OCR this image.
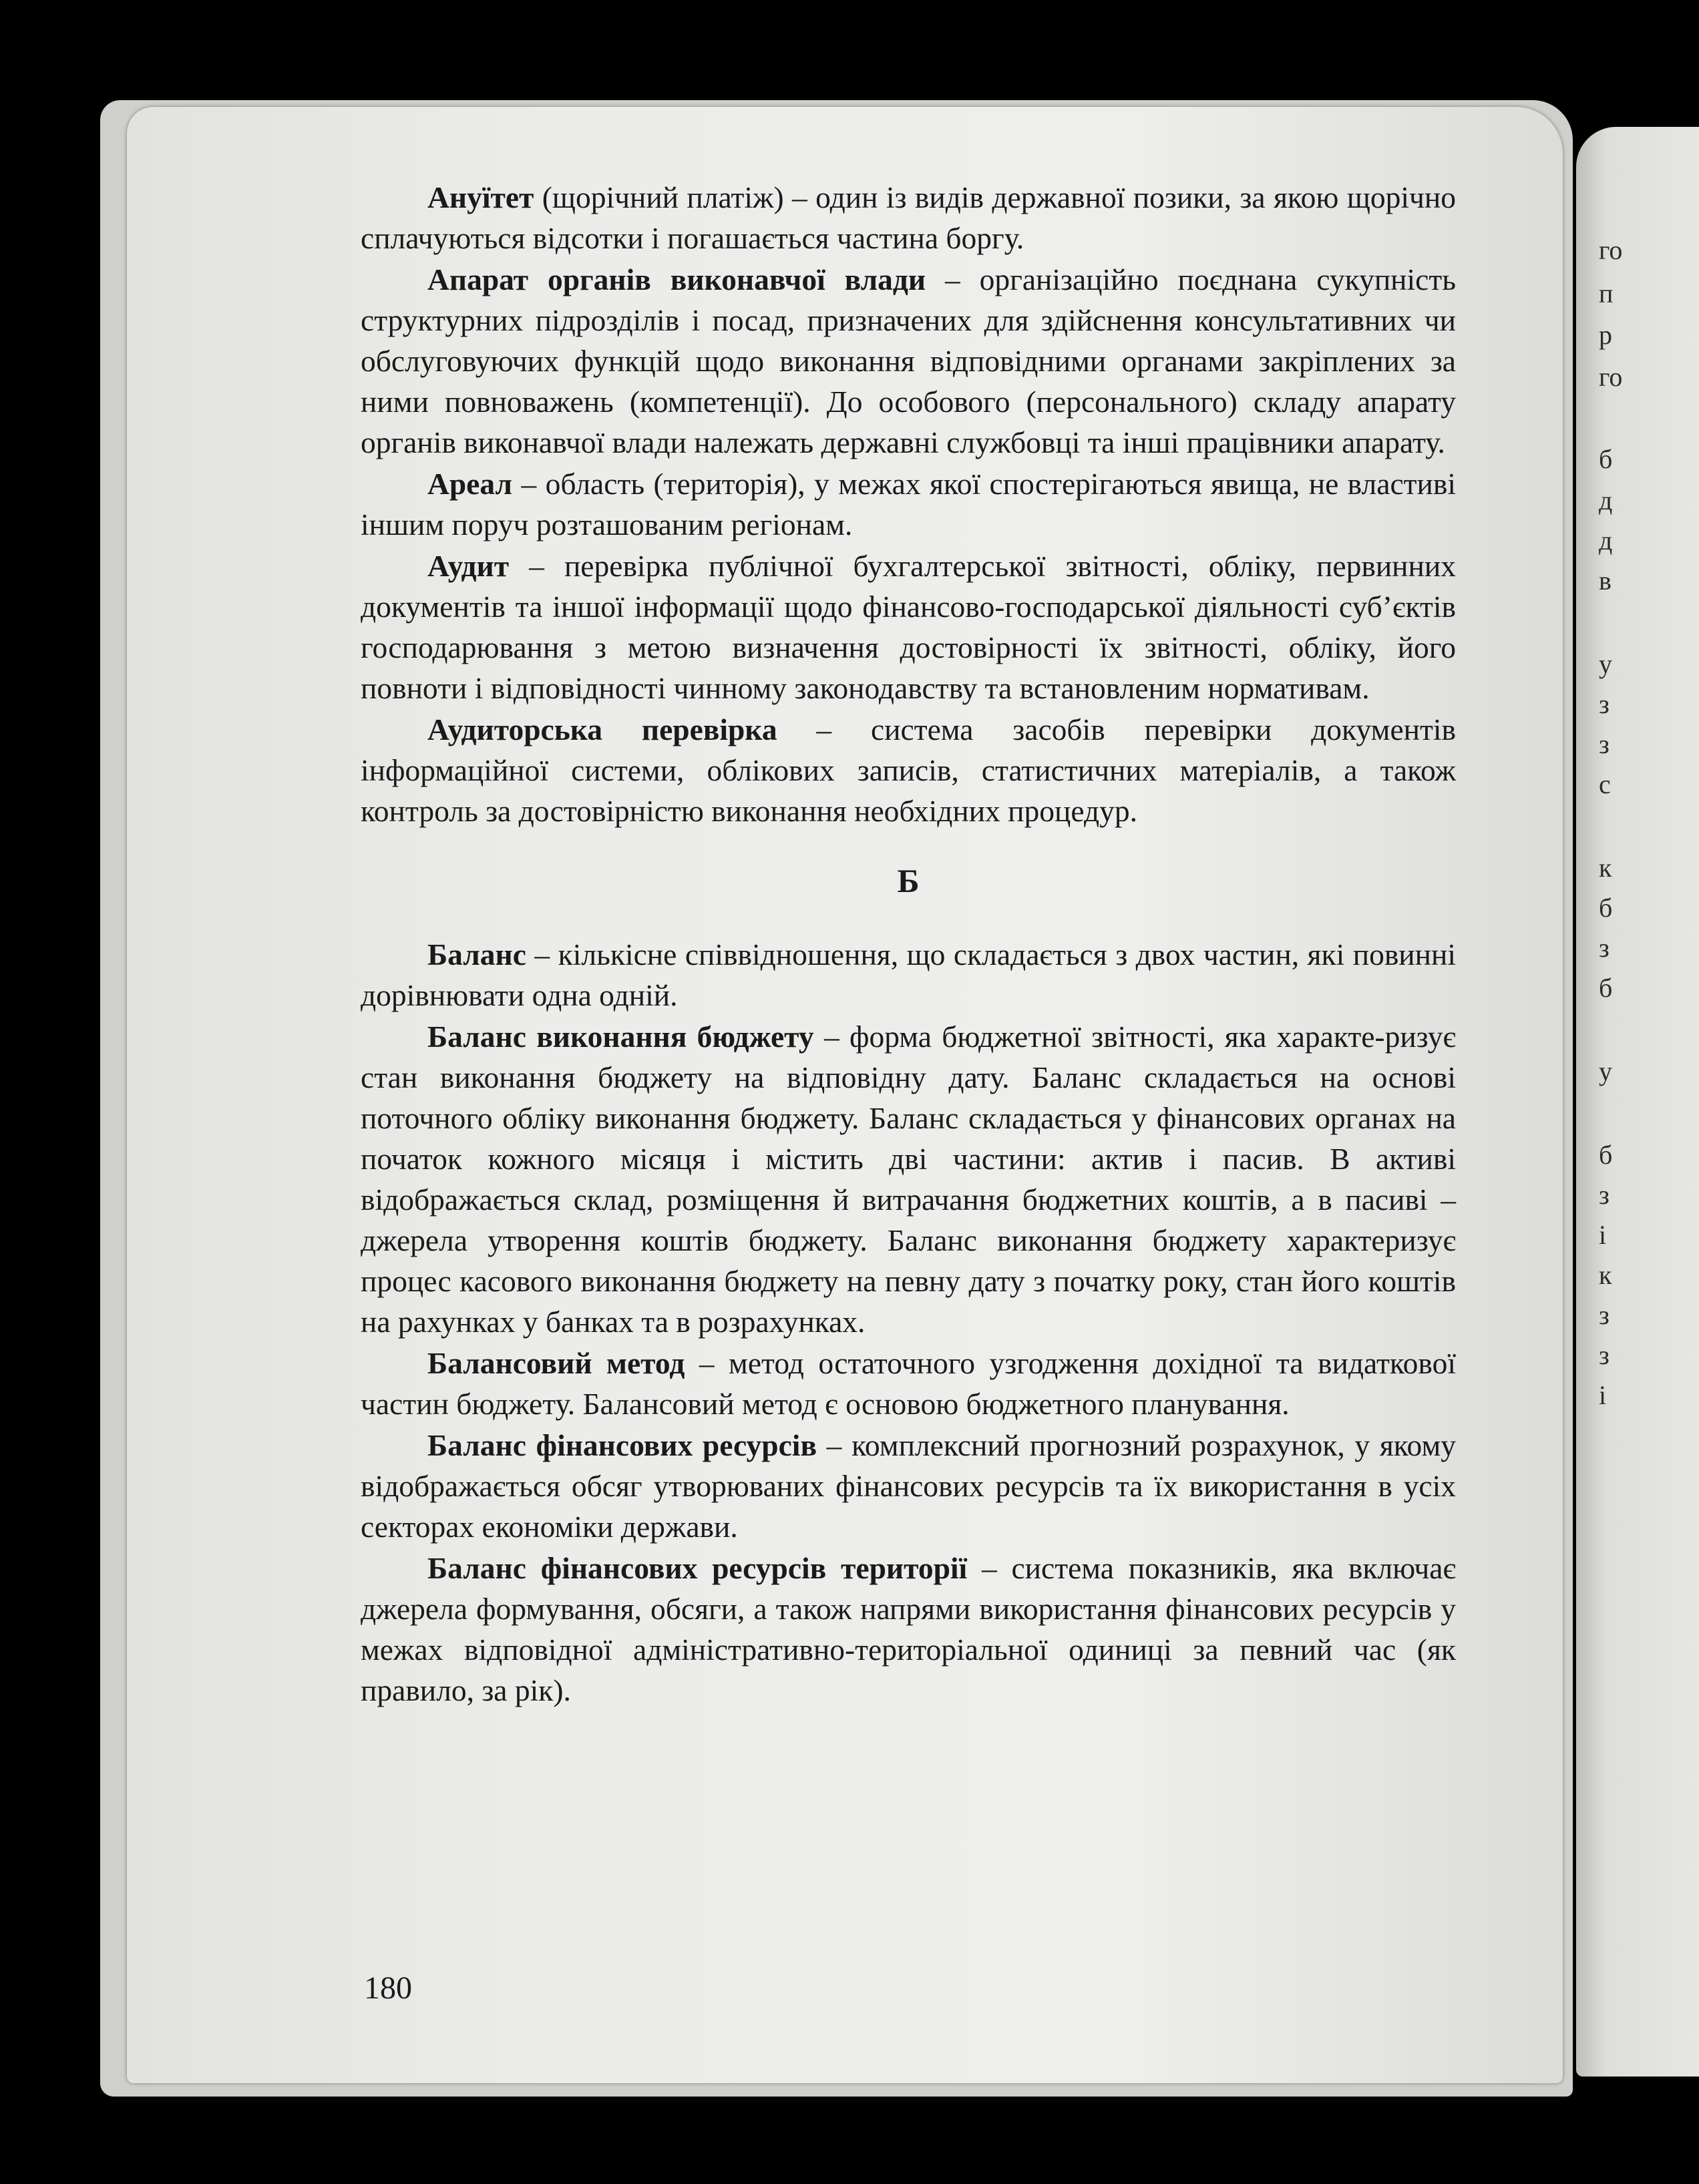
го
п
р
го
б
д
д
в
у
з
з
с
к
б
з
б
у
б
з
і
к
з
з
і

Ануїтет (щорічний платіж) – один із видів державної позики, за якою щорічно сплачуються відсотки і погашається частина боргу.

Апарат органів виконавчої влади – організаційно поєднана сукупність структурних підрозділів і посад, призначених для здійснення консультативних чи обслуговуючих функцій щодо виконання відповідними органами закріплених за ними повноважень (компетенції). До особового (персонального) складу апарату органів виконавчої влади належать державні службовці та інші працівники апарату.

Ареал – область (територія), у межах якої спостерігаються явища, не властиві іншим поруч розташованим регіонам.

Аудит – перевірка публічної бухгалтерської звітності, обліку, первинних документів та іншої інформації щодо фінансово-господарської діяльності суб’єктів господарювання з метою визначення достовірності їх звітності, обліку, його повноти і відповідності чинному законодавству та встановленим нормативам.

Аудиторська перевірка – система засобів перевірки документів інформаційної системи, облікових записів, статистичних матеріалів, а також контроль за достовірністю виконання необхідних процедур.

Б

Баланс – кількісне співвідношення, що складається з двох частин, які повинні дорівнювати одна одній.

Баланс виконання бюджету – форма бюджетної звітності, яка характе-ризує стан виконання бюджету на відповідну дату. Баланс складається на основі поточного обліку виконання бюджету. Баланс складається у фінансових органах на початок кожного місяця і містить дві частини: актив і пасив. В активі відображається склад, розміщення й витрачання бюджетних коштів, а в пасиві – джерела утворення коштів бюджету. Баланс виконання бюджету характеризує процес касового виконання бюджету на певну дату з початку року, стан його коштів на рахунках у банках та в розрахунках.

Балансовий метод – метод остаточного узгодження дохідної та видаткової частин бюджету. Балансовий метод є основою бюджетного планування.

Баланс фінансових ресурсів – комплексний прогнозний розрахунок, у якому відображається обсяг утворюваних фінансових ресурсів та їх використання в усіх секторах економіки держави.

Баланс фінансових ресурсів території – система показників, яка включає джерела формування, обсяги, а також напрями використання фінансових ресурсів у межах відповідної адміністративно-територіальної одиниці за певний час (як правило, за рік).

180
